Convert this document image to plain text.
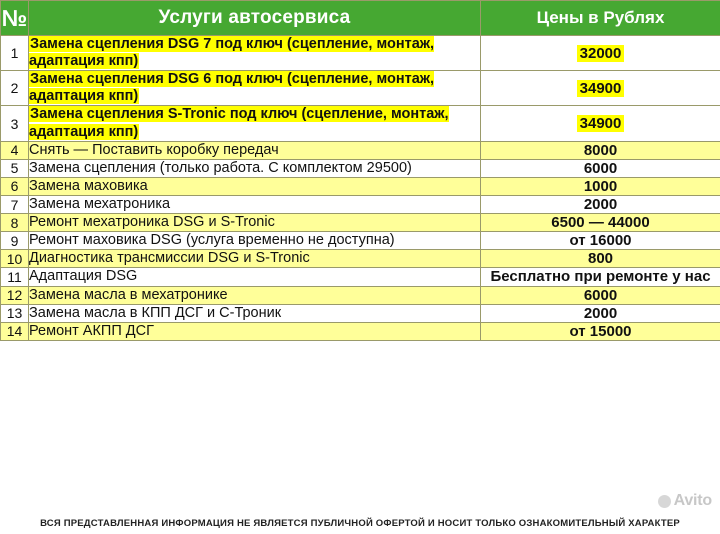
№	Услуги автосервиса	Цены в Рублях
1	Замена сцепления DSG 7 под ключ (сцепление, монтаж, адаптация кпп)	32000
2	Замена сцепления DSG 6 под ключ (сцепление, монтаж, адаптация кпп)	34900
3	Замена сцепления S-Tronic под ключ (сцепление, монтаж, адаптация кпп)	34900
4	Снять — Поставить коробку передач	8000
5	Замена сцепления (только работа. С комплектом 29500)	6000
6	Замена маховика	1000
7	Замена мехатроника	2000
8	Ремонт мехатроника DSG и S-Tronic	6500 — 44000
9	Ремонт маховика DSG (услуга временно не доступна)	от 16000
10	Диагностика трансмиссии DSG и S-Tronic	800
11	Адаптация DSG	Бесплатно при ремонте у нас
12	Замена масла в мехатронике	6000
13	Замена масла в КПП ДСГ и С-Троник	2000
14	Ремонт АКПП ДСГ	от 15000
Avito
ВСЯ ПРЕДСТАВЛЕННАЯ ИНФОРМАЦИЯ НЕ ЯВЛЯЕТСЯ ПУБЛИЧНОЙ ОФЕРТОЙ И НОСИТ ТОЛЬКО ОЗНАКОМИТЕЛЬНЫЙ ХАРАКТЕР
